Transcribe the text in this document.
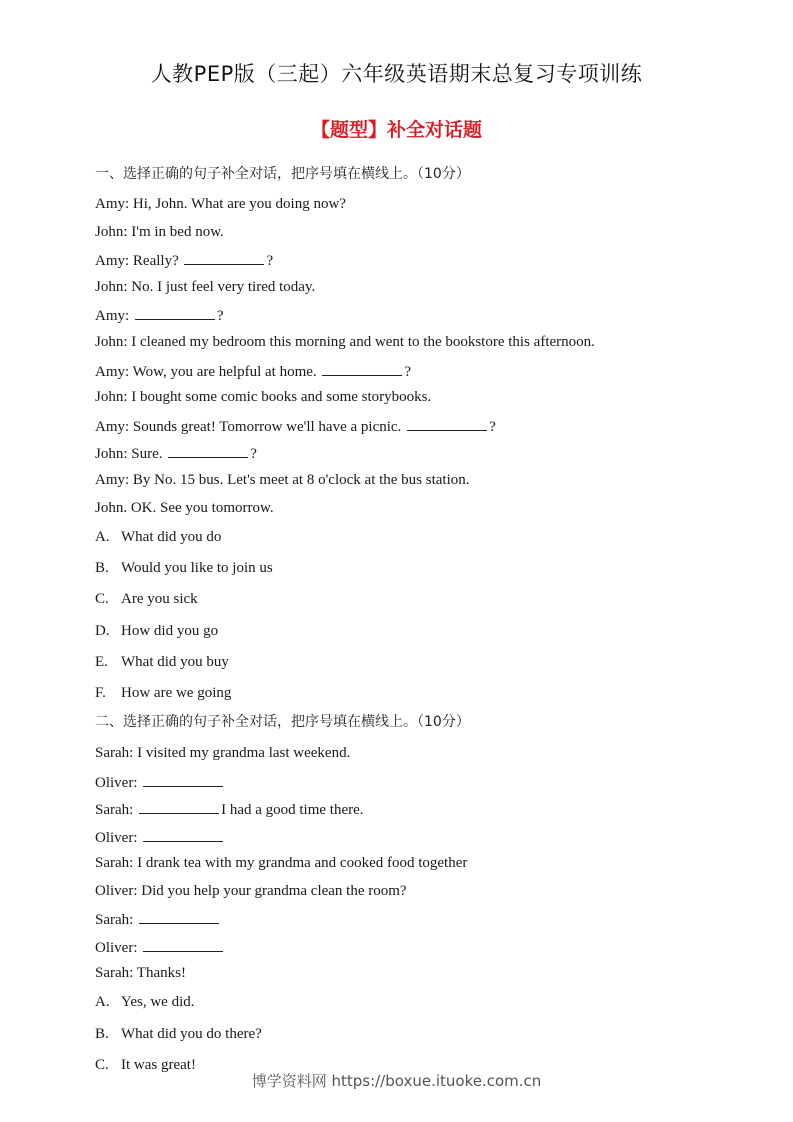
人教PEP版（三起）六年级英语期末总复习专项训练
【题型】补全对话题
一、选择正确的句子补全对话，把序号填在横线上。（10分）
Amy: Hi, John. What are you doing now?
John: I'm in bed now.
Amy: Really?	?
John: No. I just feel very tired today.
Amy:	?
John: I cleaned my bedroom this morning and went to the bookstore this afternoon.
Amy: Wow, you are helpful at home.	?
John: I bought some comic books and some storybooks.
Amy: Sounds great! Tomorrow we'll have a picnic.	?
John: Sure.	?
Amy: By No. 15 bus. Let's meet at 8 o'clock at the bus station.
John. OK. See you tomorrow.
A. What did you do
B. Would you like to join us
C. Are you sick
D. How did you go
E. What did you buy
F. How are we going
二、选择正确的句子补全对话，把序号填在横线上。（10分）
Sarah: I visited my grandma last weekend.
Oliver:
Sarah:	I had a good time there.
Oliver:
Sarah: I drank tea with my grandma and cooked food together
Oliver: Did you help your grandma clean the room?
Sarah:
Oliver:
Sarah: Thanks!
A. Yes, we did.
B. What did you do there?
C. It was great!
博学资料网 https://boxue.ituoke.com.cn
